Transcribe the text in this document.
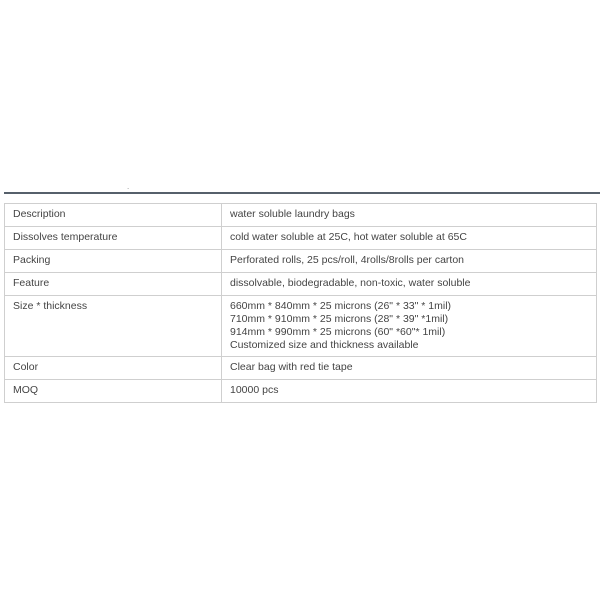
.
Description	water soluble laundry bags

Dissolves temperature	cold water soluble at 25C, hot water soluble at 65C

Packing	Perforated rolls, 25 pcs/roll, 4rolls/8rolls per carton

Feature	dissolvable, biodegradable, non-toxic, water soluble

Size * thickness	660mm * 840mm * 25 microns (26" * 33" * 1mil)
710mm * 910mm * 25 microns (28" * 39" *1mil)
914mm * 990mm * 25 microns (60" *60"* 1mil)
Customized size and thickness available

Color	Clear bag with red tie tape

MOQ	10000 pcs
